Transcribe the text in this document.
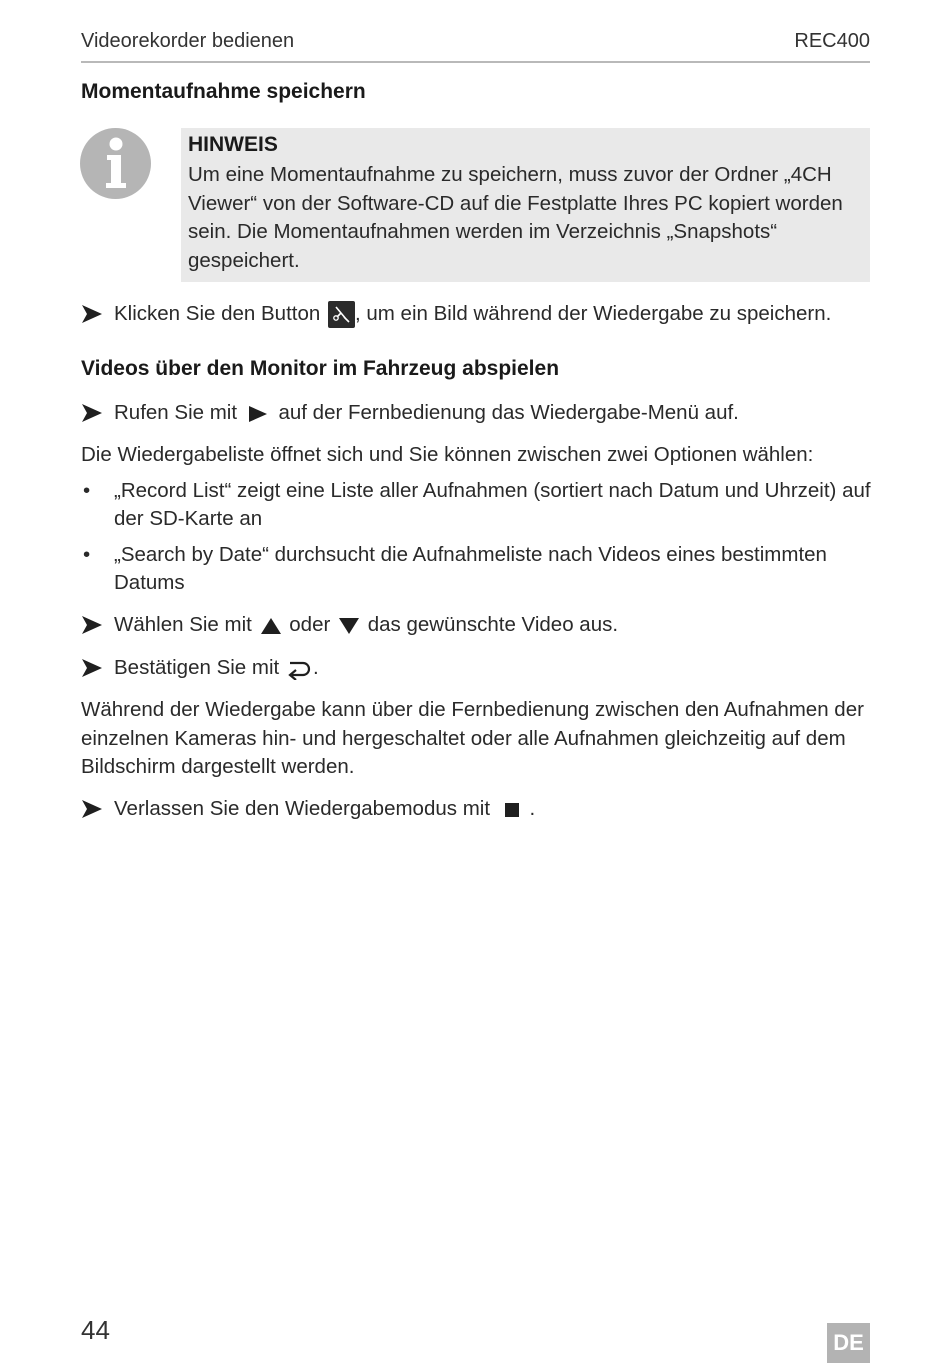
Videorekorder bedienen	REC400
Momentaufnahme speichern
HINWEIS
Um eine Momentaufnahme zu speichern, muss zuvor der Ordner „4CH Viewer“ von der Software-CD auf die Festplatte Ihres PC kopiert worden sein. Die Momentaufnahmen werden im Verzeichnis „Snapshots“ gespeichert.
Klicken Sie den Button , um ein Bild während der Wiedergabe zu speichern.
Videos über den Monitor im Fahrzeug abspielen
Rufen Sie mit auf der Fernbedienung das Wiedergabe-Menü auf.
Die Wiedergabeliste öffnet sich und Sie können zwischen zwei Optionen wählen:
• „Record List“ zeigt eine Liste aller Aufnahmen (sortiert nach Datum und Uhrzeit) auf der SD-Karte an
• „Search by Date“ durchsucht die Aufnahmeliste nach Videos eines bestimmten Datums
Wählen Sie mit oder das gewünschte Video aus.
Bestätigen Sie mit .
Während der Wiedergabe kann über die Fernbedienung zwischen den Aufnahmen der einzelnen Kameras hin- und hergeschaltet oder alle Aufnahmen gleichzeitig auf dem Bildschirm dargestellt werden.
Verlassen Sie den Wiedergabemodus mit .
44	DE
